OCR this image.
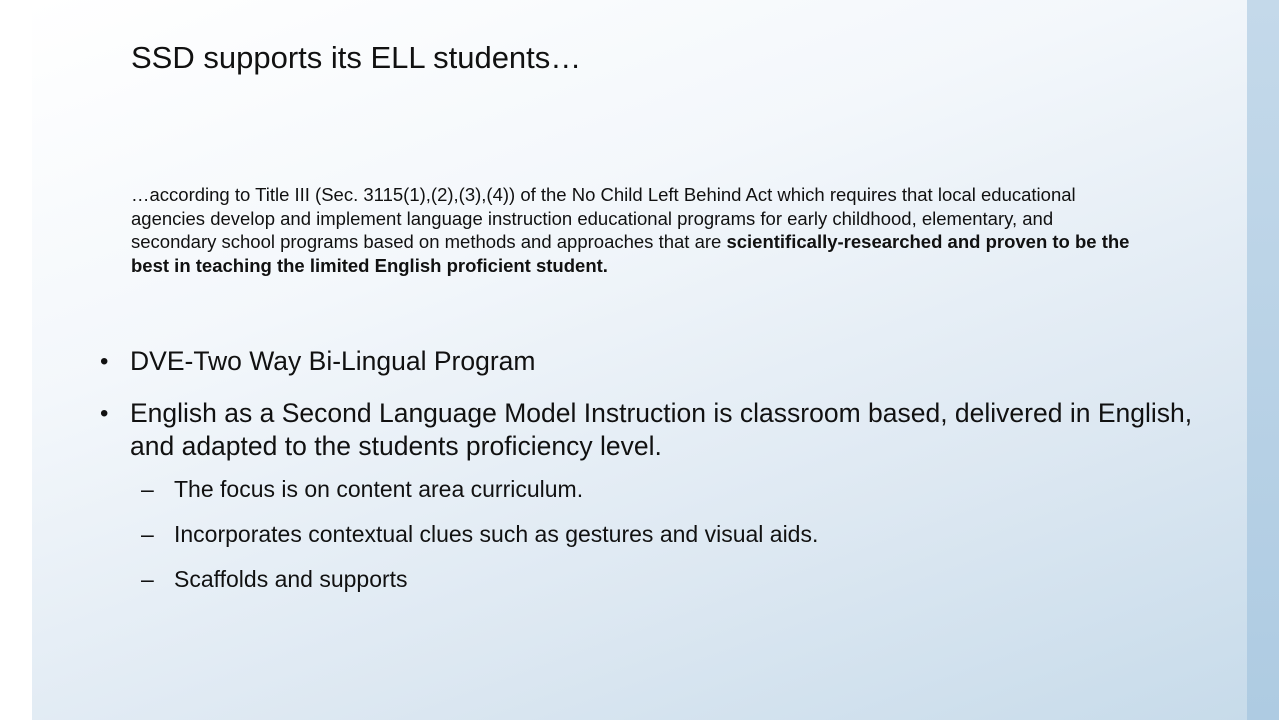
SSD supports its ELL students…

…according to Title III (Sec. 3115(1),(2),(3),(4)) of the No Child Left Behind Act which requires that local educational agencies develop and implement language instruction educational programs for early childhood, elementary, and secondary school programs based on methods and approaches that are scientifically-researched and proven to be the best in teaching the limited English proficient student.

• DVE-Two Way Bi-Lingual Program
• English as a Second Language Model Instruction is classroom based, delivered in English, and adapted to the students proficiency level.
– The focus is on content area curriculum.
– Incorporates contextual clues such as gestures and visual aids.
– Scaffolds and supports
